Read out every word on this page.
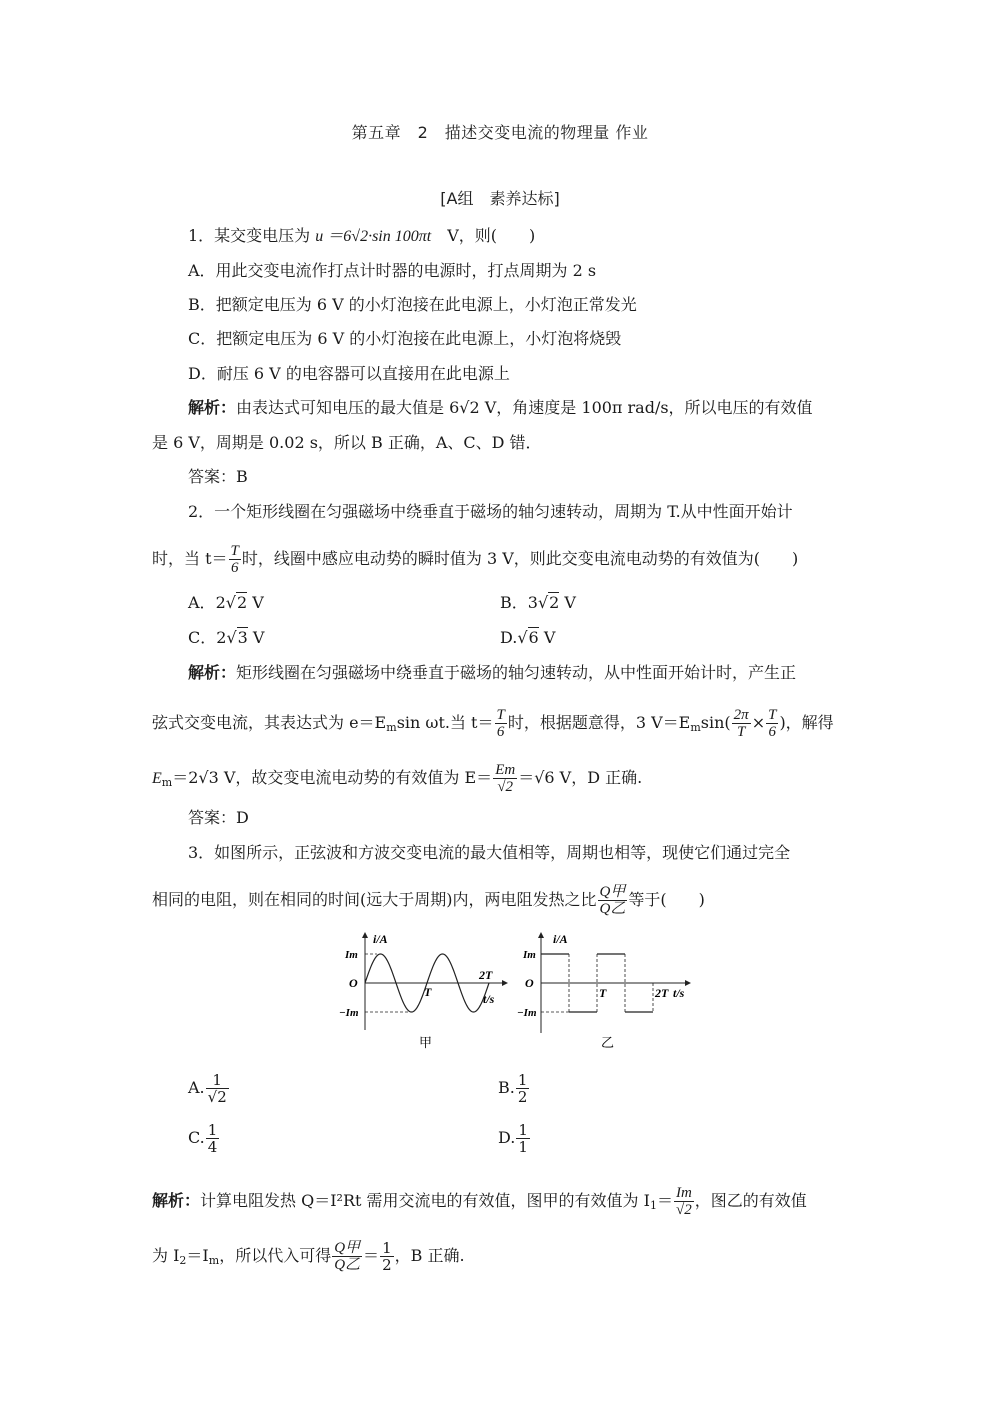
第五章　2　描述交变电流的物理量 作业
[A组　素养达标]
1．某交变电压为 u ＝6√2·sin 100πt　V，则(　　)
A．用此交变电流作打点计时器的电源时，打点周期为 2 s
B．把额定电压为 6 V 的小灯泡接在此电源上，小灯泡正常发光
C．把额定电压为 6 V 的小灯泡接在此电源上，小灯泡将烧毁
D．耐压 6 V 的电容器可以直接用在此电源上
解析：由表达式可知电压的最大值是 6√2 V，角速度是 100π rad/s，所以电压的有效值
是 6 V，周期是 0.02 s，所以 B 正确，A、C、D 错．
答案：B
2．一个矩形线圈在匀强磁场中绕垂直于磁场的轴匀速转动，周期为 T.从中性面开始计
时，当 $t= \frac{T}{6}$ 时，线圈中感应电动势的瞬时值为 3 V，则此交变电流电动势的有效值为(　　)
A．2√2 V	B．3√2 V
C．2√3 V	D.√6 V
解析：矩形线圈在匀强磁场中绕垂直于磁场的轴匀速转动，从中性面开始计时，产生正
弦式交变电流，其表达式为 $e=E_m\sin$ ωt.当 $t= \frac{T}{6}$ 时，根据题意得，3 $V=E_m\sin( \frac{2\pi}{T} \times \frac{T}{6}$ )，解得
$E_m=2√3$ V，故交变电流电动势的有效值为 $E= \frac{Em}{√2} =√6$ V，D 正确.
答案：D
3．如图所示，正弦波和方波交变电流的最大值相等，周期也相等，现使它们通过完全
相同的电阻，则在相同的时间(远大于周期)内，两电阻发热之比 $\frac{\text{Q甲}}{\text{Q乙}}$ 等于(　　)
i/A
t/s
O
Im
−Im
T
2T
甲
i/A
t/s
O
Im
−Im
T	2T
乙
A. $\frac{1}{√2}$	B. $\frac{1}{2}$
C. $\frac{1}{4}$	D. $\frac{1}{1}$
解析：计算电阻发热 Q＝I²Rt 需用交流电的有效值，图甲的有效值为 $I_1= \frac{Im}{√2}$ ，图乙的有效值
为 $I_2=I_m$，所以代入可得 $\frac{\text{Q甲}}{\text{Q乙}} = \frac{1}{2}$ ，B 正确.
